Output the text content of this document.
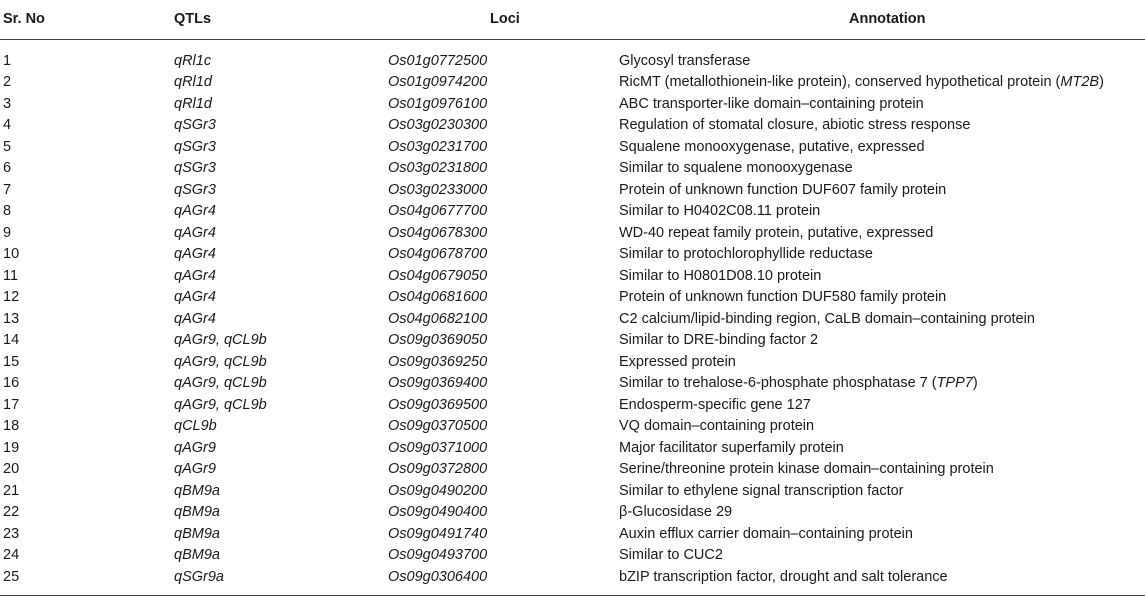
Sr. No	QTLs	Loci	Annotation
1	qRl1c	Os01g0772500	Glycosyl transferase
2	qRl1d	Os01g0974200	RicMT (metallothionein-like protein), conserved hypothetical protein (MT2B)
3	qRl1d	Os01g0976100	ABC transporter-like domain–containing protein
4	qSGr3	Os03g0230300	Regulation of stomatal closure, abiotic stress response
5	qSGr3	Os03g0231700	Squalene monooxygenase, putative, expressed
6	qSGr3	Os03g0231800	Similar to squalene monooxygenase
7	qSGr3	Os03g0233000	Protein of unknown function DUF607 family protein
8	qAGr4	Os04g0677700	Similar to H0402C08.11 protein
9	qAGr4	Os04g0678300	WD-40 repeat family protein, putative, expressed
10	qAGr4	Os04g0678700	Similar to protochlorophyllide reductase
11	qAGr4	Os04g0679050	Similar to H0801D08.10 protein
12	qAGr4	Os04g0681600	Protein of unknown function DUF580 family protein
13	qAGr4	Os04g0682100	C2 calcium/lipid-binding region, CaLB domain–containing protein
14	qAGr9, qCL9b	Os09g0369050	Similar to DRE-binding factor 2
15	qAGr9, qCL9b	Os09g0369250	Expressed protein
16	qAGr9, qCL9b	Os09g0369400	Similar to trehalose-6-phosphate phosphatase 7 (TPP7)
17	qAGr9, qCL9b	Os09g0369500	Endosperm-specific gene 127
18	qCL9b	Os09g0370500	VQ domain–containing protein
19	qAGr9	Os09g0371000	Major facilitator superfamily protein
20	qAGr9	Os09g0372800	Serine/threonine protein kinase domain–containing protein
21	qBM9a	Os09g0490200	Similar to ethylene signal transcription factor
22	qBM9a	Os09g0490400	β-Glucosidase 29
23	qBM9a	Os09g0491740	Auxin efflux carrier domain–containing protein
24	qBM9a	Os09g0493700	Similar to CUC2
25	qSGr9a	Os09g0306400	bZIP transcription factor, drought and salt tolerance
